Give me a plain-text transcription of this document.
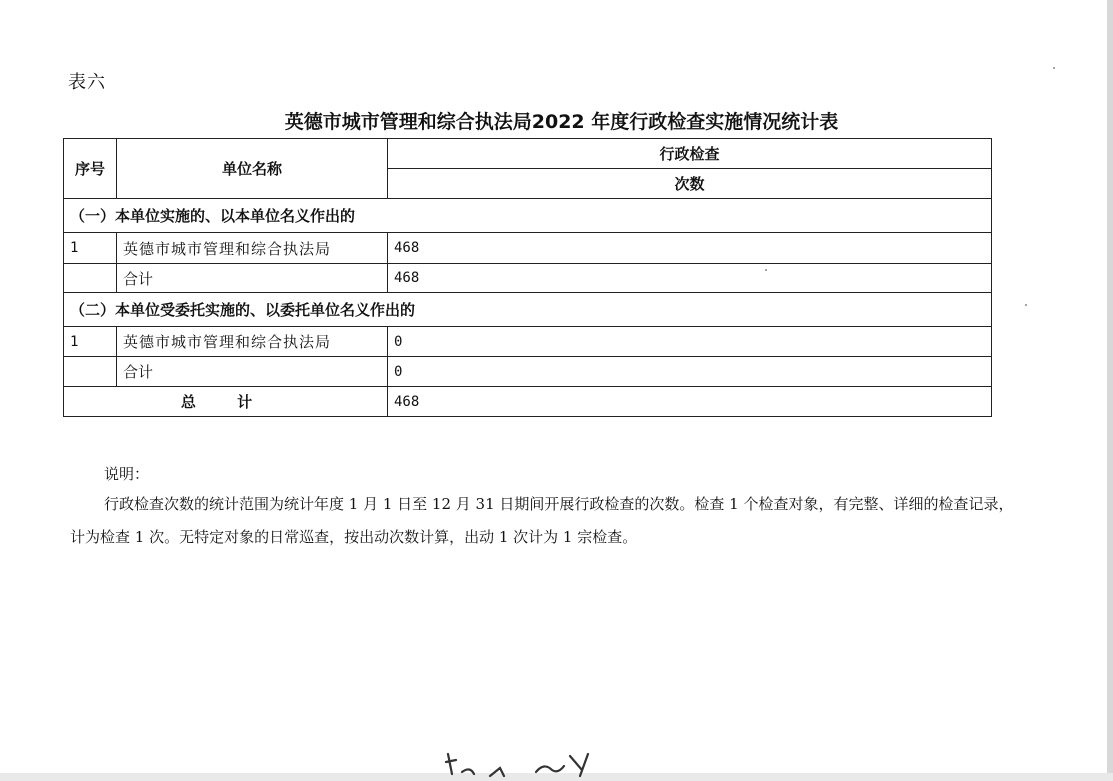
表六
英德市城市管理和综合执法局2022 年度行政检查实施情况统计表
序号	单位名称	行政检查
		次数
（一）本单位实施的、以本单位名义作出的		
1	英德市城市管理和综合执法局	468
	合计	468
（二）本单位受委托实施的、以委托单位名义作出的		
1	英德市城市管理和综合执法局	0
	合计	0
总 计		468
说明：
行政检查次数的统计范围为统计年度 1 月 1 日至 12 月 31 日期间开展行政检查的次数。检查 1 个检查对象，有完整、详细的检查记录，
计为检查 1 次。无特定对象的日常巡查，按出动次数计算，出动 1 次计为 1 宗检查。
